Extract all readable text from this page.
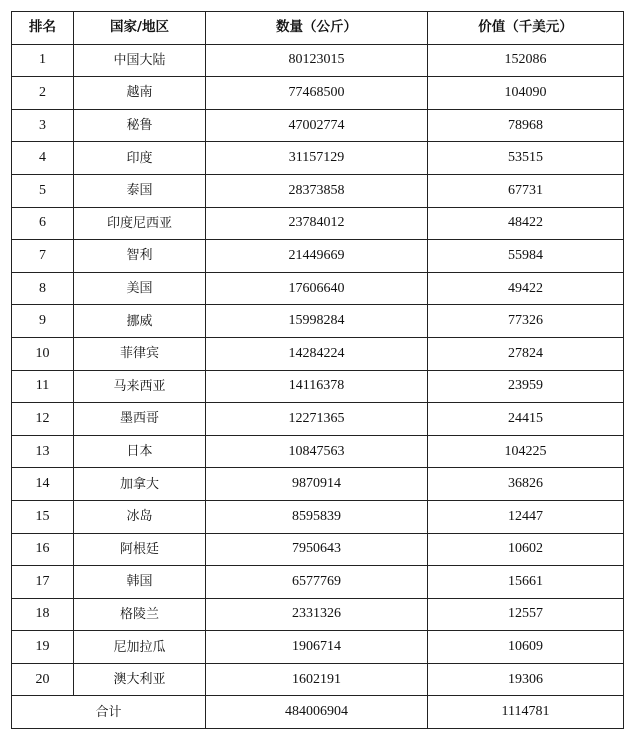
排名	国家/地区	数量（公斤）	价值（千美元）
1	中国大陆	80123015	152086
2	越南	77468500	104090
3	秘鲁	47002774	78968
4	印度	31157129	53515
5	泰国	28373858	67731
6	印度尼西亚	23784012	48422
7	智利	21449669	55984
8	美国	17606640	49422
9	挪威	15998284	77326
10	菲律宾	14284224	27824
11	马来西亚	14116378	23959
12	墨西哥	12271365	24415
13	日本	10847563	104225
14	加拿大	9870914	36826
15	冰岛	8595839	12447
16	阿根廷	7950643	10602
17	韩国	6577769	15661
18	格陵兰	2331326	12557
19	尼加拉瓜	1906714	10609
20	澳大利亚	1602191	19306
合计		484006904	1114781
